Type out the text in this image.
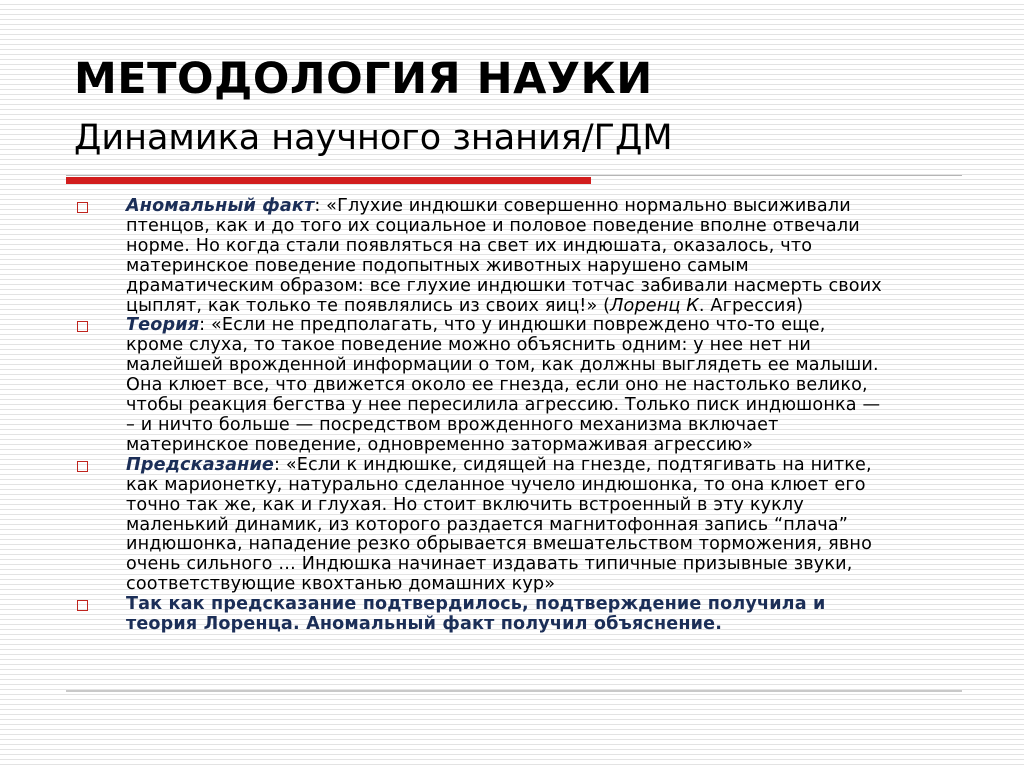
МЕТОДОЛОГИЯ НАУКИ
Динамика научного знания/ГДМ
Аномальный факт: «Глухие индюшки совершенно нормально высиживали
птенцов, как и до того их социальное и половое поведение вполне отвечали
норме. Но когда стали появляться на свет их индюшата, оказалось, что
материнское поведение подопытных животных нарушено самым
драматическим образом: все глухие индюшки тотчас забивали насмерть своих
цыплят, как только те появлялись из своих яиц!» (Лоренц К. Агрессия)
Теория: «Если не предполагать, что у индюшки повреждено что-то еще,
кроме слуха, то такое поведение можно объяснить одним: у нее нет ни
малейшей врожденной информации о том, как должны выглядеть ее малыши.
Она клюет все, что движется около ее гнезда, если оно не настолько велико,
чтобы реакция бегства у нее пересилила агрессию. Только писк индюшонка —
– и ничто больше — посредством врожденного механизма включает
материнское поведение, одновременно затормаживая агрессию»
Предсказание: «Если к индюшке, сидящей на гнезде, подтягивать на нитке,
как марионетку, натурально сделанное чучело индюшонка, то она клюет его
точно так же, как и глухая. Но стоит включить встроенный в эту куклу
маленький динамик, из которого раздается магнитофонная запись “плача”
индюшонка, нападение резко обрывается вмешательством торможения, явно
очень сильного … Индюшка начинает издавать типичные призывные звуки,
соответствующие квохтанью домашних кур»
Так как предсказание подтвердилось, подтверждение получила и
теория Лоренца. Аномальный факт получил объяснение.
